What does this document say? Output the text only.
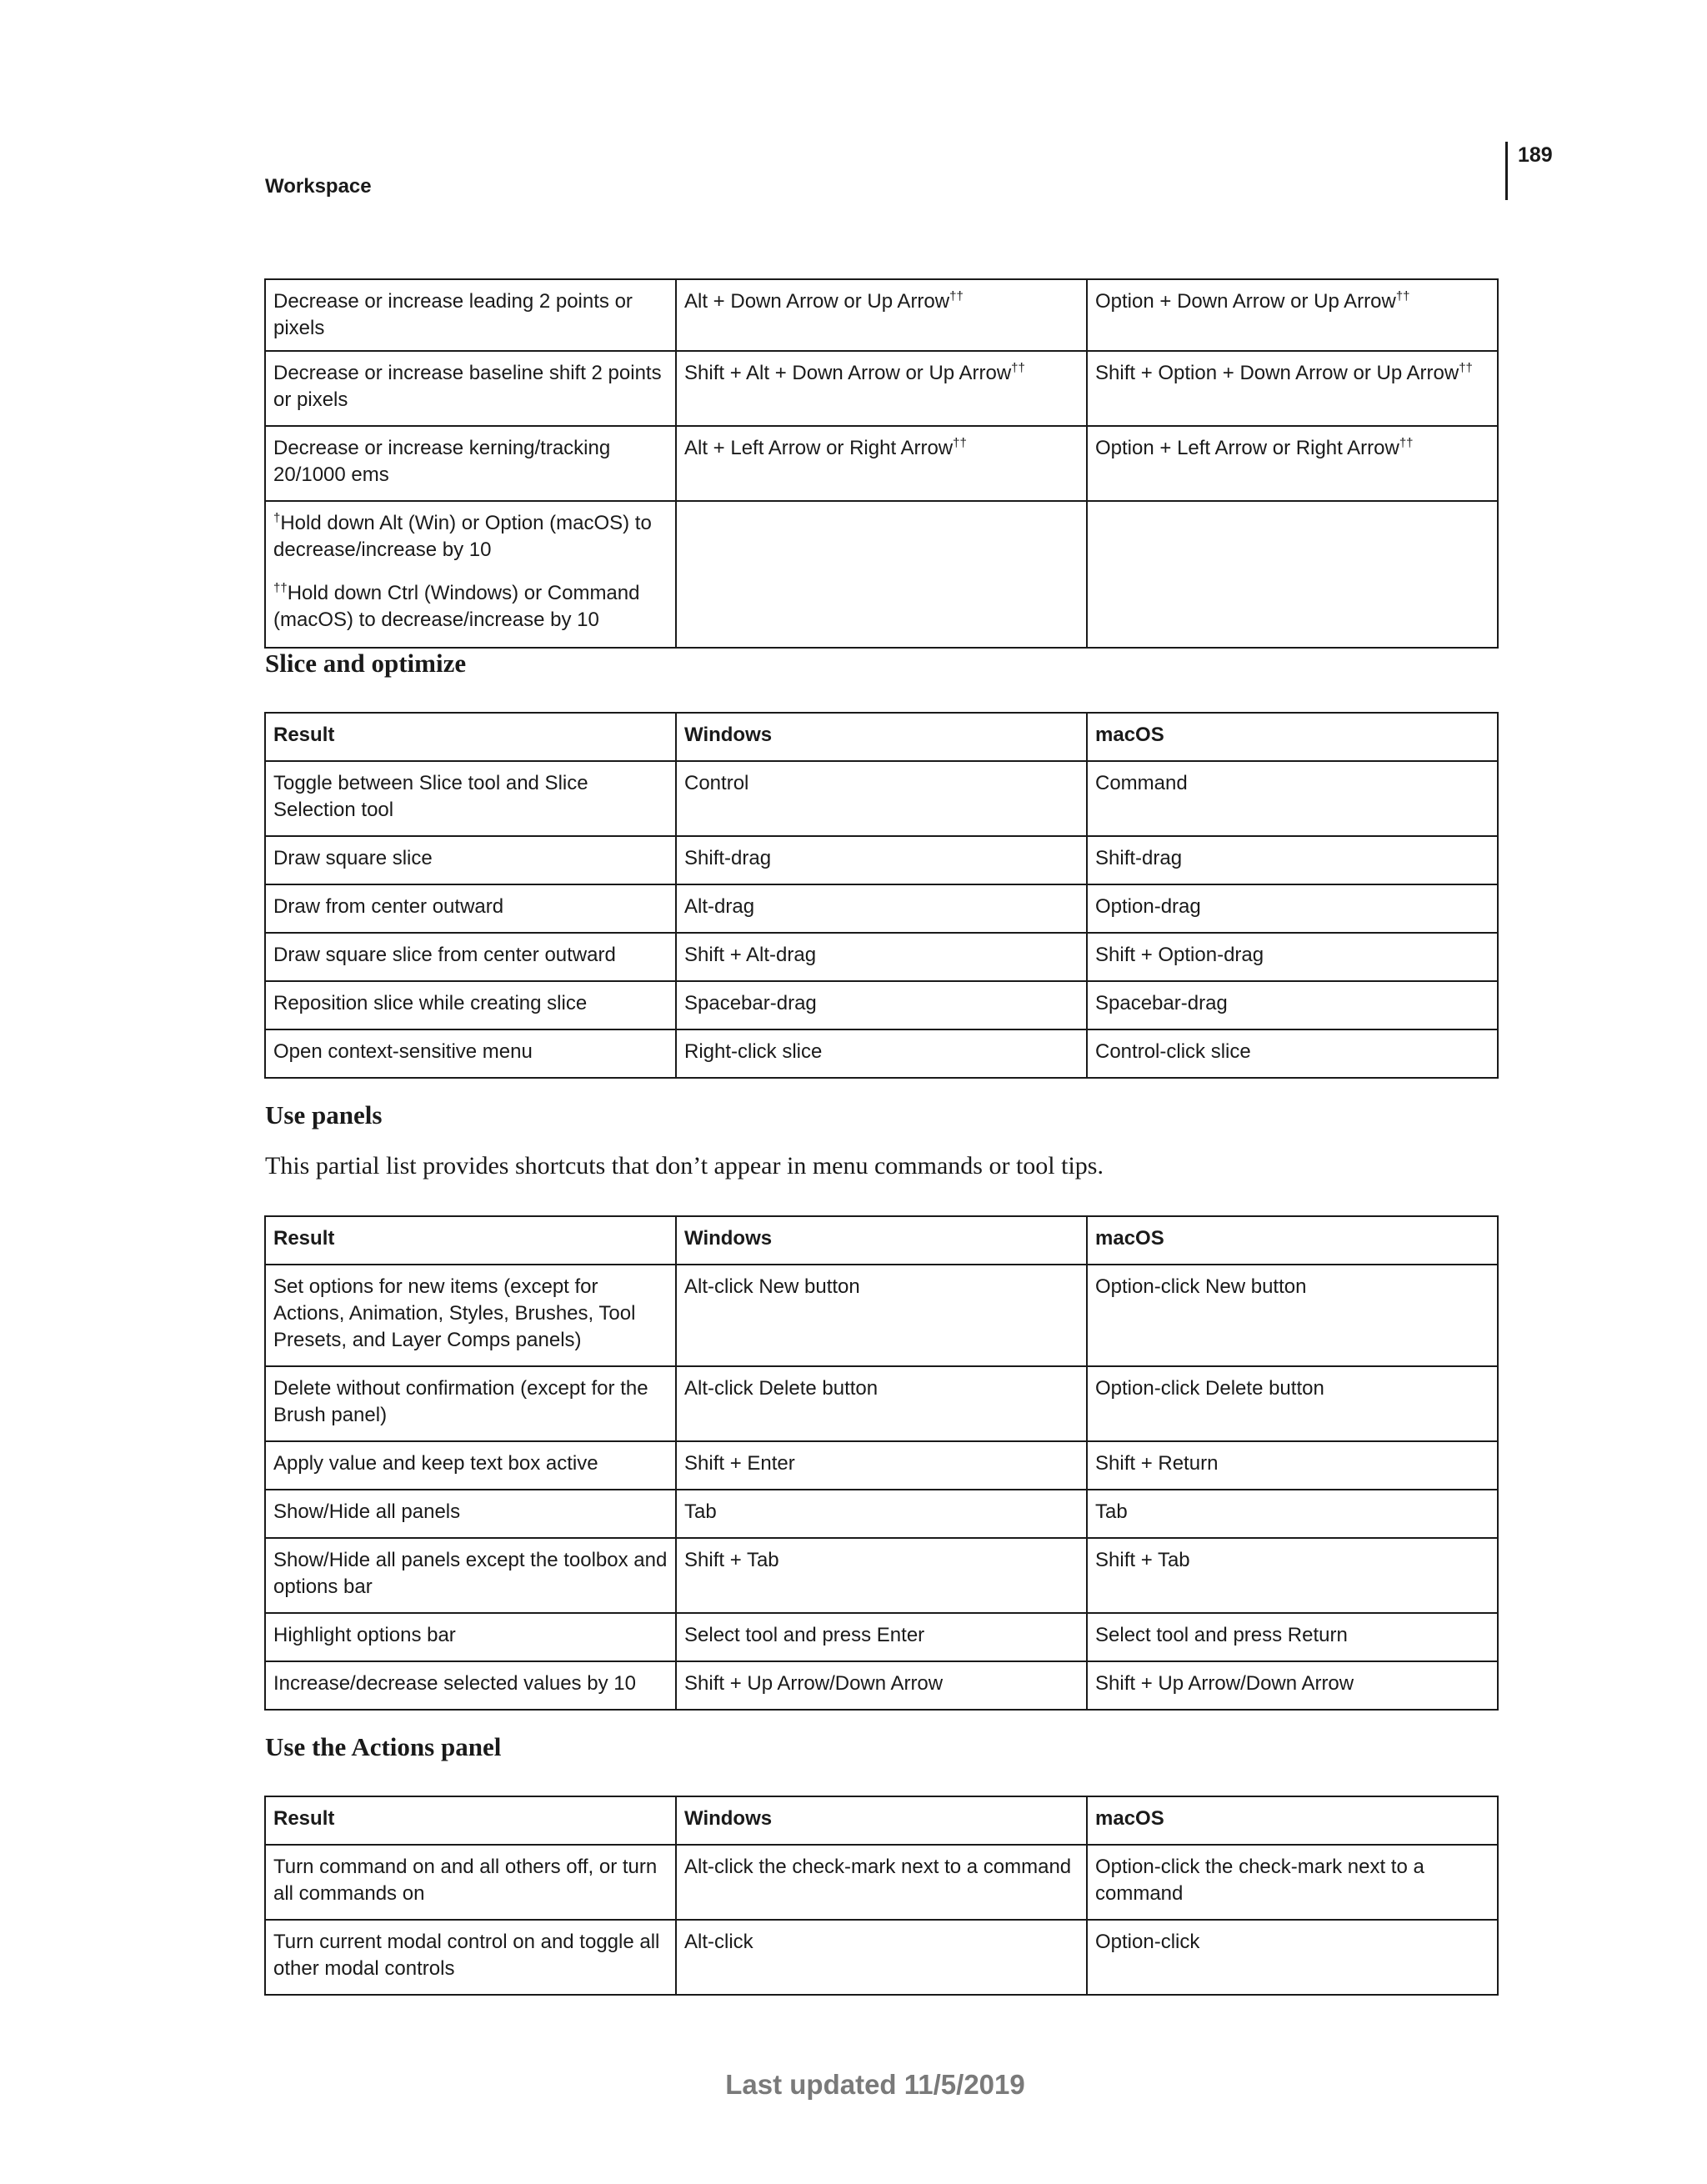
189
Workspace
Decrease or increase leading 2 points or pixels	Alt + Down Arrow or Up Arrow††	Option + Down Arrow or Up Arrow††
Decrease or increase baseline shift 2 points or pixels	Shift + Alt + Down Arrow or Up Arrow††	Shift + Option + Down Arrow or Up Arrow††
Decrease or increase kerning/tracking 20/1000 ems	Alt + Left Arrow or Right Arrow††	Option + Left Arrow or Right Arrow††

†Hold down Alt (Win) or Option (macOS) to decrease/increase by 10

††Hold down Ctrl (Windows) or Command (macOS) to decrease/increase by 10		

Slice and optimize
Result	Windows	macOS
Toggle between Slice tool and Slice Selection tool	Control	Command
Draw square slice	Shift-drag	Shift-drag
Draw from center outward	Alt-drag	Option-drag
Draw square slice from center outward	Shift + Alt-drag	Shift + Option-drag
Reposition slice while creating slice	Spacebar-drag	Spacebar-drag
Open context-sensitive menu	Right-click slice	Control-click slice
Use panels
This partial list provides shortcuts that don’t appear in menu commands or tool tips.
Result	Windows	macOS
Set options for new items (except for Actions, Animation, Styles, Brushes, Tool Presets, and Layer Comps panels)	Alt-click New button	Option-click New button
Delete without confirmation (except for the Brush panel)	Alt-click Delete button	Option-click Delete button
Apply value and keep text box active	Shift + Enter	Shift + Return
Show/Hide all panels	Tab	Tab
Show/Hide all panels except the toolbox and options bar	Shift + Tab	Shift + Tab
Highlight options bar	Select tool and press Enter	Select tool and press Return
Increase/decrease selected values by 10	Shift + Up Arrow/Down Arrow	Shift + Up Arrow/Down Arrow
Use the Actions panel
Result	Windows	macOS
Turn command on and all others off, or turn all commands on	Alt-click the check-mark next to a command	Option-click the check-mark next to a command
Turn current modal control on and toggle all other modal controls	Alt-click	Option-click
Last updated 11/5/2019
